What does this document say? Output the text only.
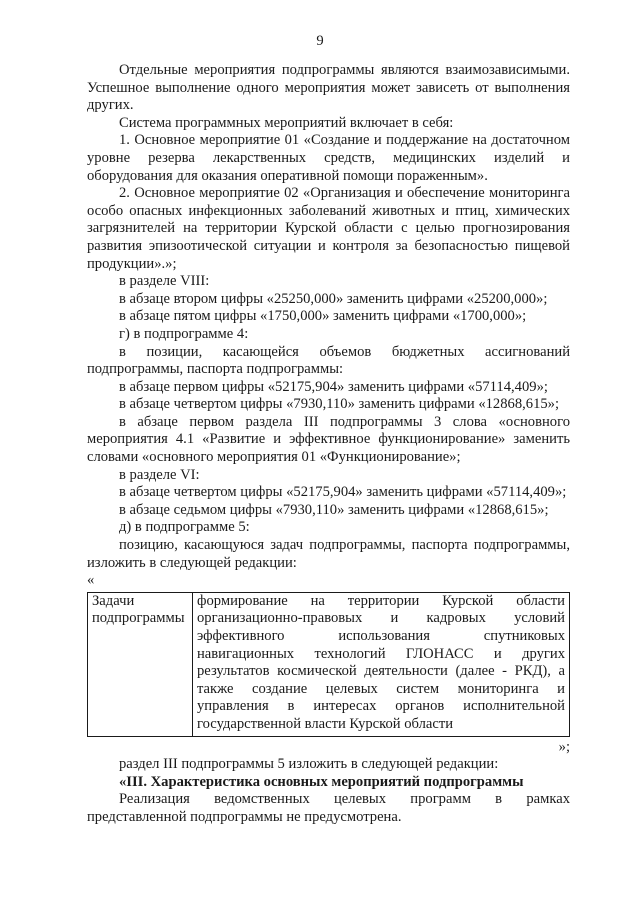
9

Отдельные мероприятия подпрограммы являются взаимозависимыми. Успешное выполнение одного мероприятия может зависеть от выполнения других.

Система программных мероприятий включает в себя:

1. Основное мероприятие 01 «Создание и поддержание на достаточном уровне резерва лекарственных средств, медицинских изделий и оборудования для оказания оперативной помощи пораженным».

2. Основное мероприятие 02 «Организация и обеспечение мониторинга особо опасных инфекционных заболеваний животных и птиц, химических загрязнителей на территории Курской области с целью прогнозирования развития эпизоотической ситуации и контроля за безопасностью пищевой продукции».»;

в разделе VIII:

в абзаце втором цифры «25250,000» заменить цифрами «25200,000»;

в абзаце пятом цифры «1750,000» заменить цифрами «1700,000»;

г) в подпрограмме 4:

в позиции, касающейся объемов бюджетных ассигнований подпрограммы, паспорта подпрограммы:

в абзаце первом цифры «52175,904» заменить цифрами «57114,409»;

в абзаце четвертом цифры «7930,110» заменить цифрами «12868,615»;

в абзаце первом раздела III подпрограммы 3 слова «основного мероприятия 4.1 «Развитие и эффективное функционирование» заменить словами «основного мероприятия 01 «Функционирование»;

в разделе VI:

в абзаце четвертом цифры «52175,904» заменить цифрами «57114,409»;

в абзаце седьмом цифры «7930,110» заменить цифрами «12868,615»;

д) в подпрограмме 5:

позицию, касающуюся задач подпрограммы, паспорта подпрограммы, изложить в следующей редакции:

«

Задачи подпрограммы	формирование на территории Курской области организационно-правовых и кадровых условий эффективного использования спутниковых навигационных технологий ГЛОНАСС и других результатов космической деятельности (далее - РКД), а также создание целевых систем мониторинга и управления в интересах органов исполнительной государственной власти Курской области

»;

раздел III подпрограммы 5 изложить в следующей редакции:

«III. Характеристика основных мероприятий подпрограммы

Реализация ведомственных целевых программ в рамках представленной подпрограммы не предусмотрена.
